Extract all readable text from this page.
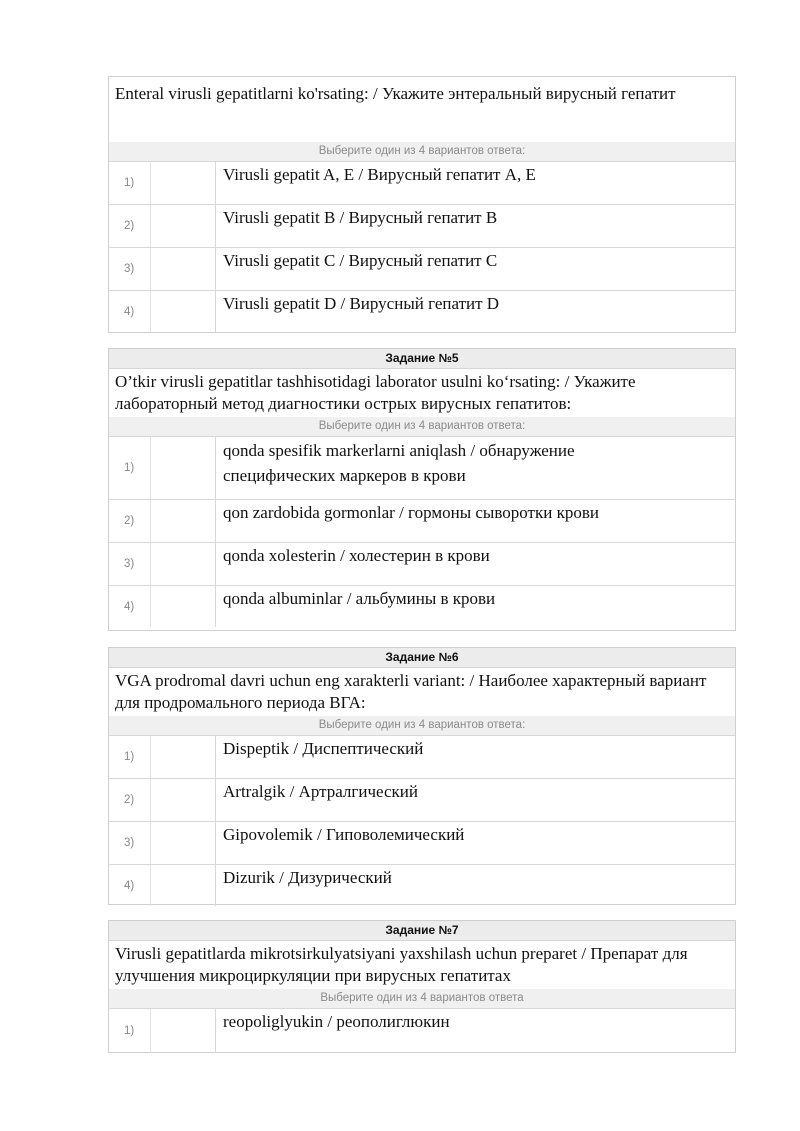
Enteral virusli gepatitlarni ko'rsating: / Укажите энтеральный вирусный гепатит
Выберите один из 4 вариантов ответа:
1)	Virusli gepatit A, E / Вирусный гепатит A, E
2)	Virusli gepatit B / Вирусный гепатит B
3)	Virusli gepatit C / Вирусный гепатит C
4)	Virusli gepatit D / Вирусный гепатит D
Задание №5
O’tkir virusli gepatitlar tashhisotidagi laborator usulni koʻrsating: / Укажите лабораторный метод диагностики острых вирусных гепатитов:
Выберите один из 4 вариантов ответа:
1)
qonda spesifik markerlarni aniqlash / обнаружение специфических маркеров в крови
2)	qon zardobida gormonlar / гормоны сыворотки крови
3)	qonda xolesterin / холестерин в крови
4)	qonda albuminlar / альбумины в крови
Задание №6
VGA prodromal davri uchun eng xarakterli variant: / Наиболее характерный вариант для продромального периода ВГА:
Выберите один из 4 вариантов ответа:
1)	Dispeptik / Диспептический
2)	Artralgik / Артралгический
3)	Gipovolemik / Гиповолемический
4)	Dizurik / Дизурический
Задание №7
Virusli gepatitlarda mikrotsirkulyatsiyani yaxshilash uchun preparet / Препарат для улучшения микроциркуляции при вирусных гепатитах
Выберите один из 4 вариантов ответа
1)	reopoliglyukin / реополиглюкин
